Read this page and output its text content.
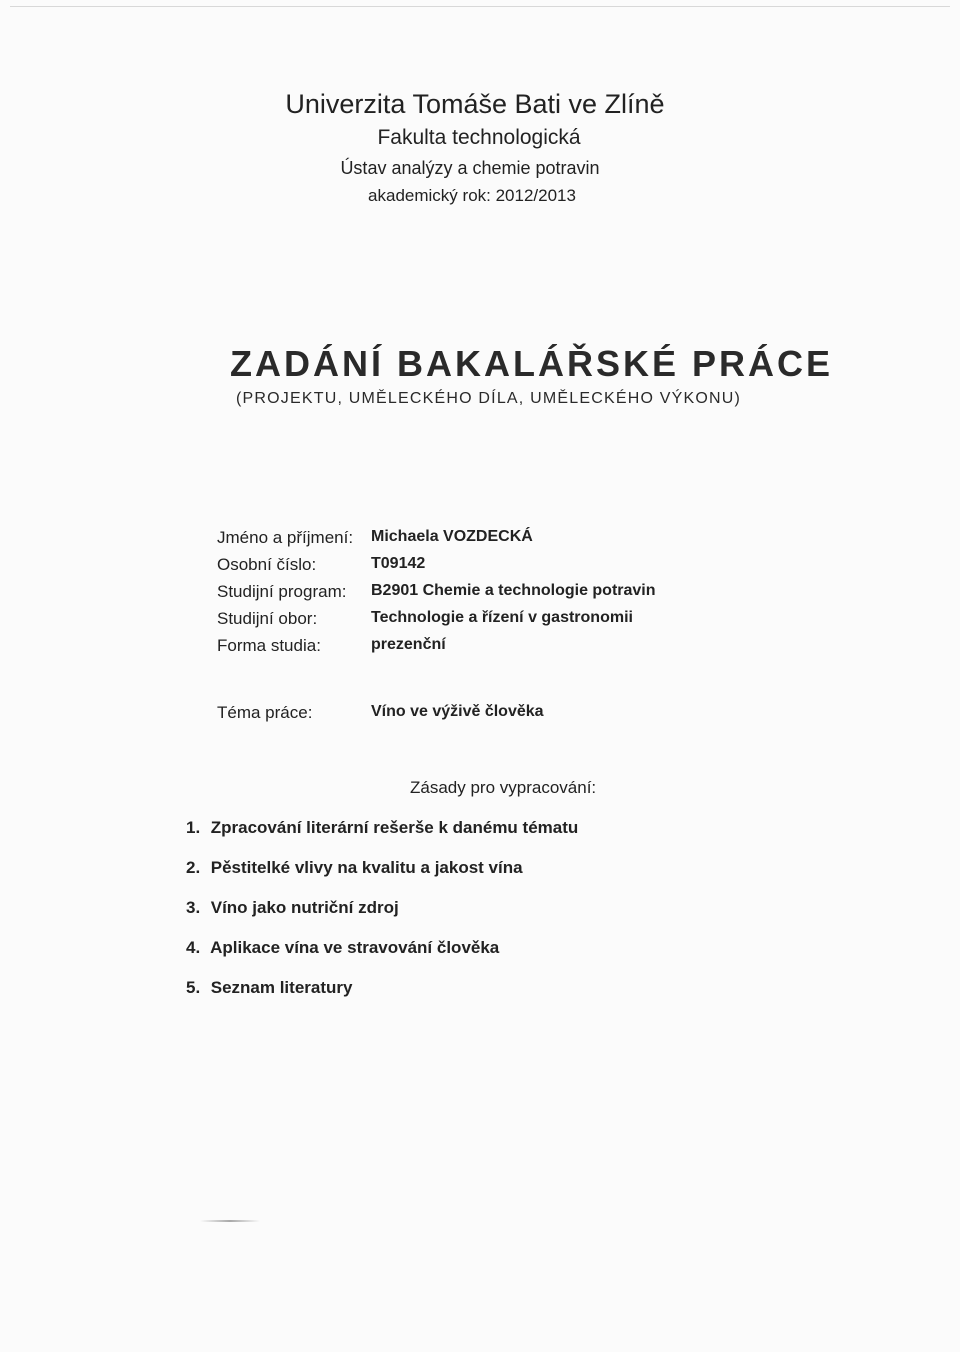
Univerzita Tomáše Bati ve Zlíně
Fakulta technologická
Ústav analýzy a chemie potravin
akademický rok: 2012/2013
ZADÁNÍ BAKALÁŘSKÉ PRÁCE
(PROJEKTU, UMĚLECKÉHO DÍLA, UMĚLECKÉHO VÝKONU)
Jméno a příjmení: Michaela VOZDECKÁ
Osobní číslo:	T09142
Studijní program: B2901 Chemie a technologie potravin
Studijní obor:	Technologie a řízení v gastronomii
Forma studia:	prezenční
Téma práce:	Víno ve výživě člověka
Zásady pro vypracování:
1. Zpracování literární rešerše k danému tématu
2. Pěstitelké vlivy na kvalitu a jakost vína
3. Víno jako nutriční zdroj
4. Aplikace vína ve stravování člověka
5. Seznam literatury
